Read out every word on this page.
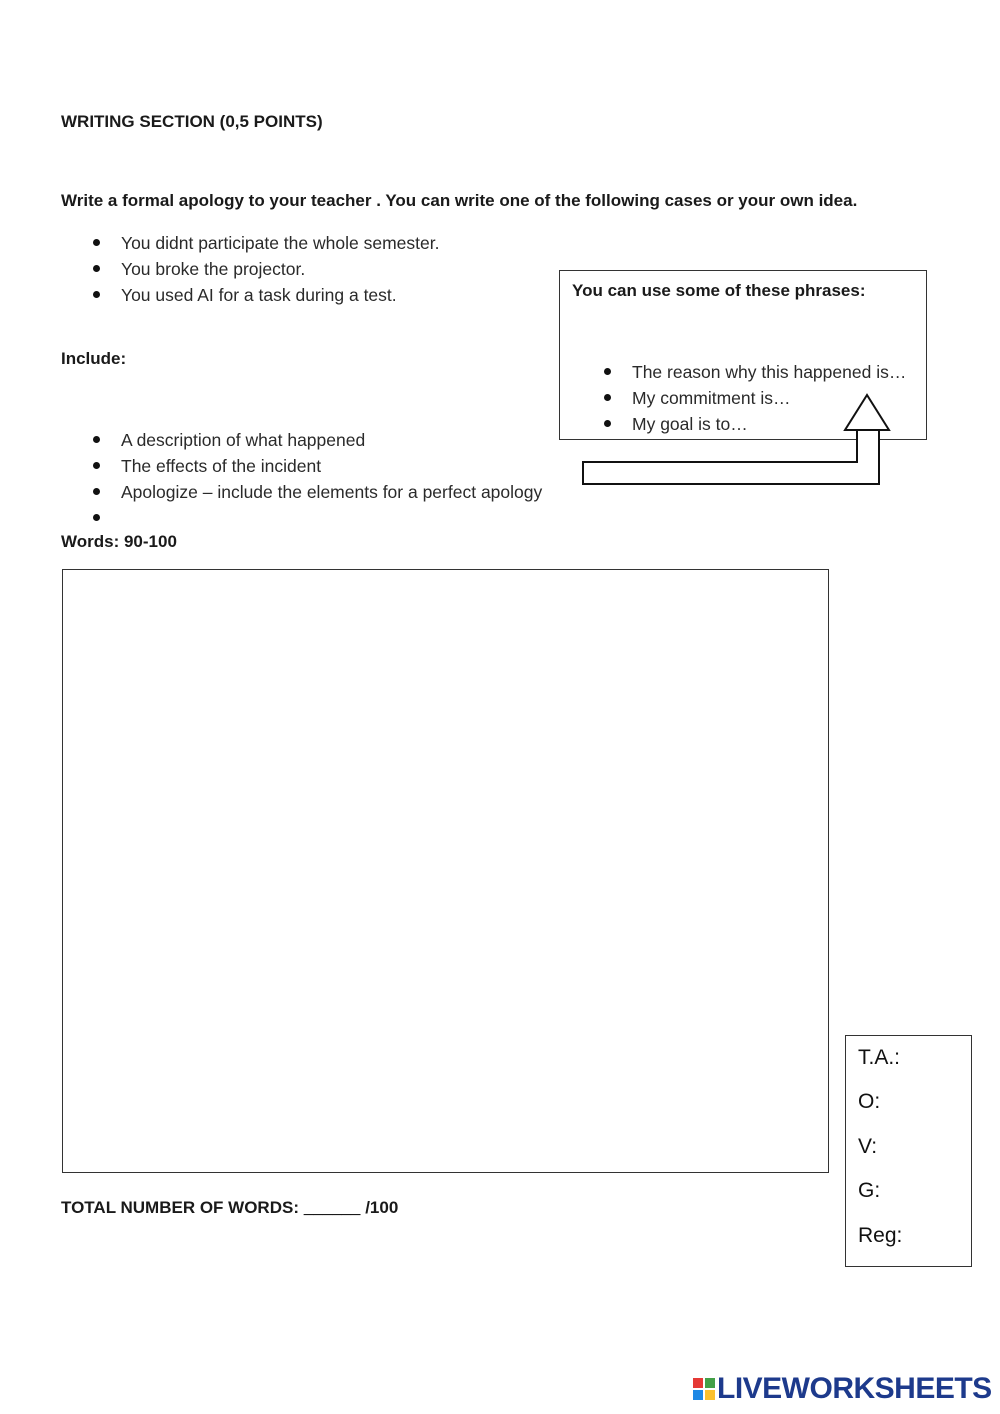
WRITING SECTION (0,5 POINTS)
Write a formal apology to your teacher . You can write one of the following cases or your own idea.
You didnt participate the whole semester.
You broke the projector.
You used AI for a task during a test.
Include:
A description of what happened
The effects of the incident
Apologize – include the elements for a perfect apology
You can use some of these phrases:
The reason why this happened is…
My commitment is…
My goal is to…
Words: 90-100
TOTAL NUMBER OF WORDS: ______ /100
T.A.:
O:
V:
G:
Reg:
LIVEWORKSHEETS
